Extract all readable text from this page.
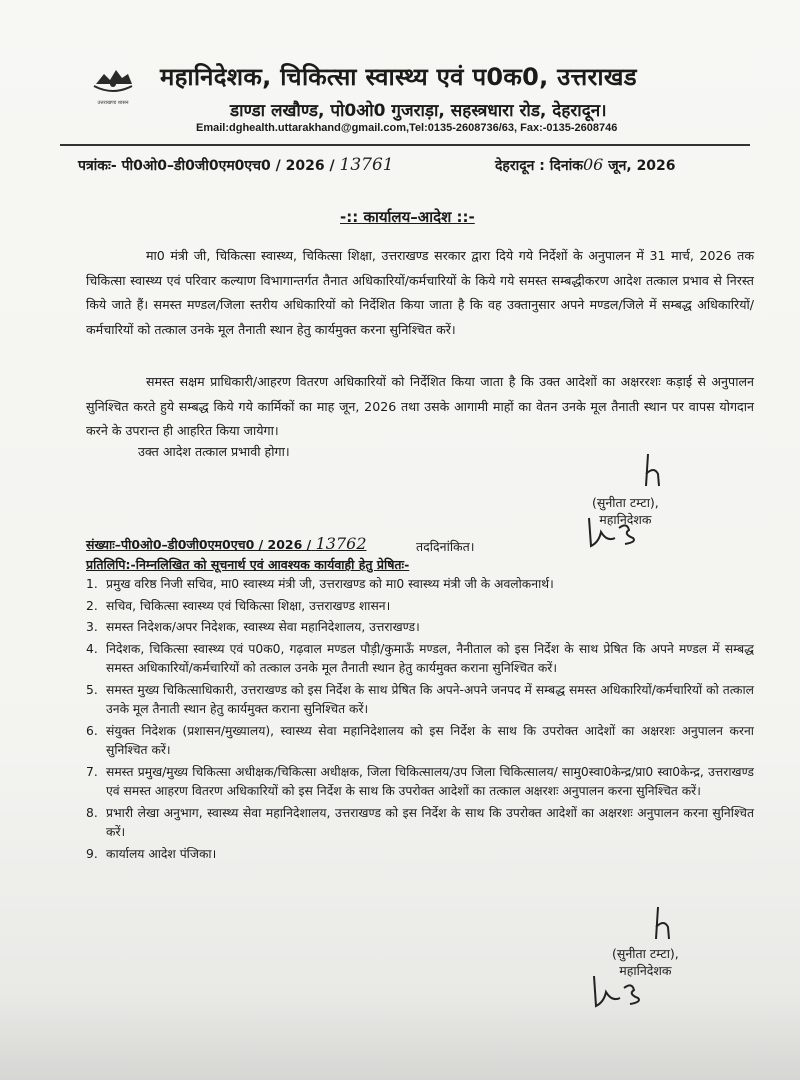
उत्तराखण्ड शासन
महानिदेशक, चिकित्सा स्वास्थ्य एवं प0क0, उत्तराखड
डाण्डा लखौण्ड, पो0ओ0 गुजराड़ा, सहस्त्रधारा रोड, देहरादून।
Email:dghealth.uttarakhand@gmail.com,Tel:0135-2608736/63, Fax:-0135-2608746
पत्रांकः- पी0ओ0–डी0जी0एम0एच0 / 2026 / 13761	देहरादून : दिनांक06 जून, 2026
-:: कार्यालय–आदेश ::-
मा0 मंत्री जी, चिकित्सा स्वास्थ्य, चिकित्सा शिक्षा, उत्तराखण्ड सरकार द्वारा दिये गये निर्देशों के अनुपालन में 31 मार्च, 2026 तक चिकित्सा स्वास्थ्य एवं परिवार कल्याण विभागान्तर्गत तैनात अधिकारियों/कर्मचारियों के किये गये समस्त सम्बद्धीकरण आदेश तत्काल प्रभाव से निरस्त किये जाते हैं। समस्त मण्डल/जिला स्तरीय अधिकारियों को निर्देशित किया जाता है कि वह उक्तानुसार अपने मण्डल/जिले में सम्बद्ध अधिकारियों/कर्मचारियों को तत्काल उनके मूल तैनाती स्थान हेतु कार्यमुक्त करना सुनिश्चित करें।
समस्त सक्षम प्राधिकारी/आहरण वितरण अधिकारियों को निर्देशित किया जाता है कि उक्त आदेशों का अक्षररशः कड़ाई से अनुपालन सुनिश्चित करते हुये सम्बद्ध किये गये कार्मिकों का माह जून, 2026 तथा उसके आगामी माहों का वेतन उनके मूल तैनाती स्थान पर वापस योगदान करने के उपरान्त ही आहरित किया जायेगा।
उक्त आदेश तत्काल प्रभावी होगा।
(सुनीता टम्टा),
महानिदेशक
संख्याः–पी0ओ0–डी0जी0एम0एच0 / 2026 / 13762	तददिनांकित।
प्रतिलिपि:-निम्नलिखित को सूचनार्थ एवं आवश्यक कार्यवाही हेतु प्रेषितः-
1. प्रमुख वरिष्ठ निजी सचिव, मा0 स्वास्थ्य मंत्री जी, उत्तराखण्ड को मा0 स्वास्थ्य मंत्री जी के अवलोकनार्थ।
2. सचिव, चिकित्सा स्वास्थ्य एवं चिकित्सा शिक्षा, उत्तराखण्ड शासन।
3. समस्त निदेशक/अपर निदेशक, स्वास्थ्य सेवा महानिदेशालय, उत्तराखण्ड।
4. निदेशक, चिकित्सा स्वास्थ्य एवं प0क0, गढ़वाल मण्डल पौड़ी/कुमाऊँ मण्डल, नैनीताल को इस निर्देश के साथ प्रेषित कि अपने मण्डल में सम्बद्ध समस्त अधिकारियों/कर्मचारियों को तत्काल उनके मूल तैनाती स्थान हेतु कार्यमुक्त कराना सुनिश्चित करें।
5. समस्त मुख्य चिकित्साधिकारी, उत्तराखण्ड को इस निर्देश के साथ प्रेषित कि अपने-अपने जनपद में सम्बद्ध समस्त अधिकारियों/कर्मचारियों को तत्काल उनके मूल तैनाती स्थान हेतु कार्यमुक्त कराना सुनिश्चित करें।
6. संयुक्त निदेशक (प्रशासन/मुख्यालय), स्वास्थ्य सेवा महानिदेशालय को इस निर्देश के साथ कि उपरोक्त आदेशों का अक्षरशः अनुपालन करना सुनिश्चित करें।
7. समस्त प्रमुख/मुख्य चिकित्सा अधीक्षक/चिकित्सा अधीक्षक, जिला चिकित्सालय/उप जिला चिकित्सालय/ सामु0स्वा0केन्द्र/प्रा0 स्वा0केन्द्र, उत्तराखण्ड एवं समस्त आहरण वितरण अधिकारियों को इस निर्देश के साथ कि उपरोक्त आदेशों का तत्काल अक्षरशः अनुपालन करना सुनिश्चित करें।
8. प्रभारी लेखा अनुभाग, स्वास्थ्य सेवा महानिदेशालय, उत्तराखण्ड को इस निर्देश के साथ कि उपरोक्त आदेशों का अक्षरशः अनुपालन करना सुनिश्चित करें।
9. कार्यालय आदेश पंजिका।
(सुनीता टम्टा),
महानिदेशक
